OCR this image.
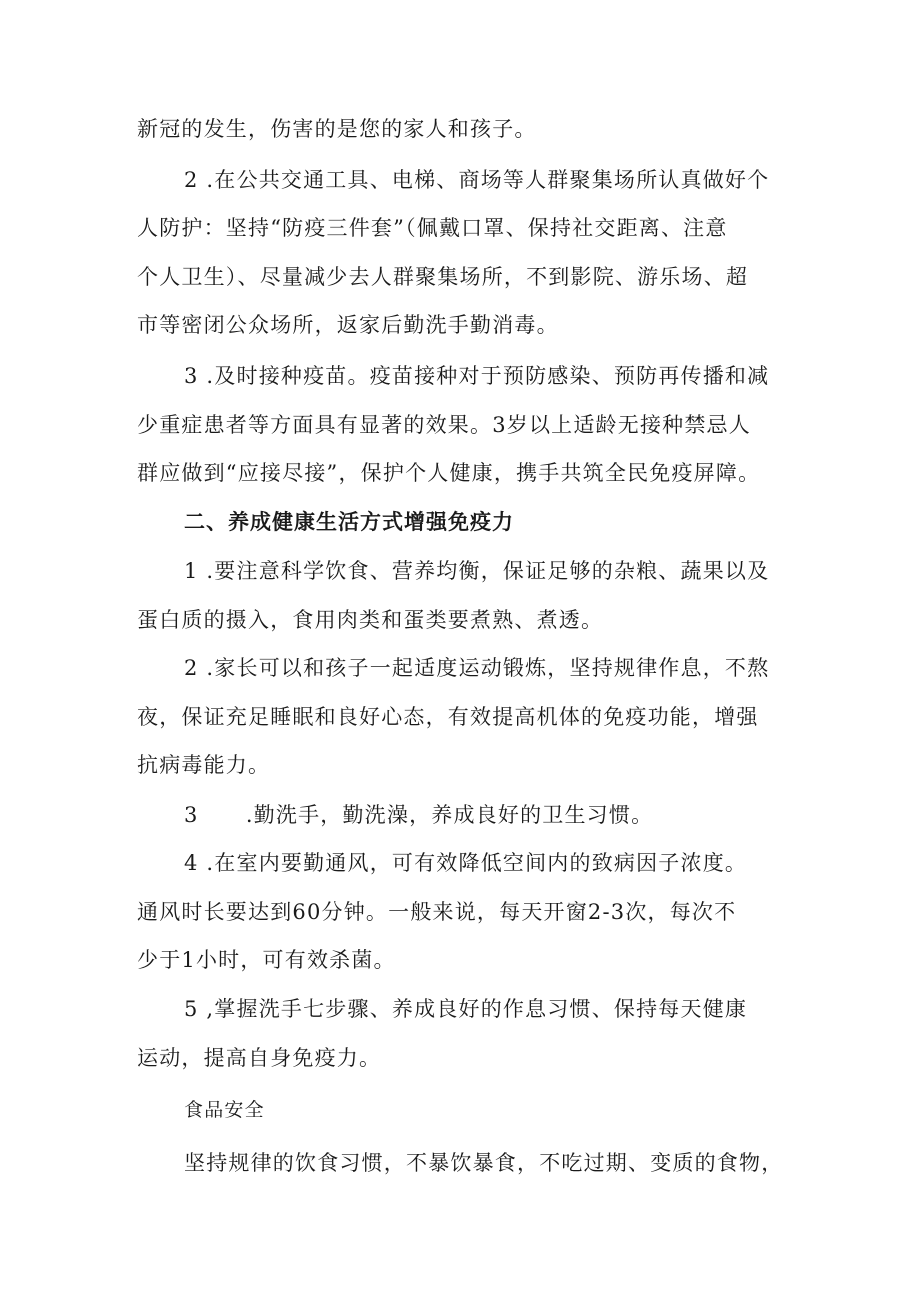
新冠的发生，伤害的是您的家人和孩子。
2 .在公共交通工具、电梯、商场等人群聚集场所认真做好个
人防护：坚持“防疫三件套”（佩戴口罩、保持社交距离、注意
个人卫生）、尽量减少去人群聚集场所，不到影院、游乐场、超
市等密闭公众场所，返家后勤洗手勤消毒。
3 .及时接种疫苗。疫苗接种对于预防感染、预防再传播和减
少重症患者等方面具有显著的效果。3岁以上适龄无接种禁忌人
群应做到“应接尽接”，保护个人健康，携手共筑全民免疫屏障。
二、养成健康生活方式增强免疫力
1 .要注意科学饮食、营养均衡，保证足够的杂粮、蔬果以及
蛋白质的摄入，食用肉类和蛋类要煮熟、煮透。
2 .家长可以和孩子一起适度运动锻炼，坚持规律作息，不熬
夜，保证充足睡眠和良好心态，有效提高机体的免疫功能，增强
抗病毒能力。
3      .勤洗手，勤洗澡，养成良好的卫生习惯。
4 .在室内要勤通风，可有效降低空间内的致病因子浓度。
通风时长要达到60分钟。一般来说，每天开窗2-3次，每次不
少于1小时，可有效杀菌。
5 ,掌握洗手七步骤、养成良好的作息习惯、保持每天健康
运动，提高自身免疫力。
食品安全
坚持规律的饮食习惯，不暴饮暴食，不吃过期、变质的食物，
